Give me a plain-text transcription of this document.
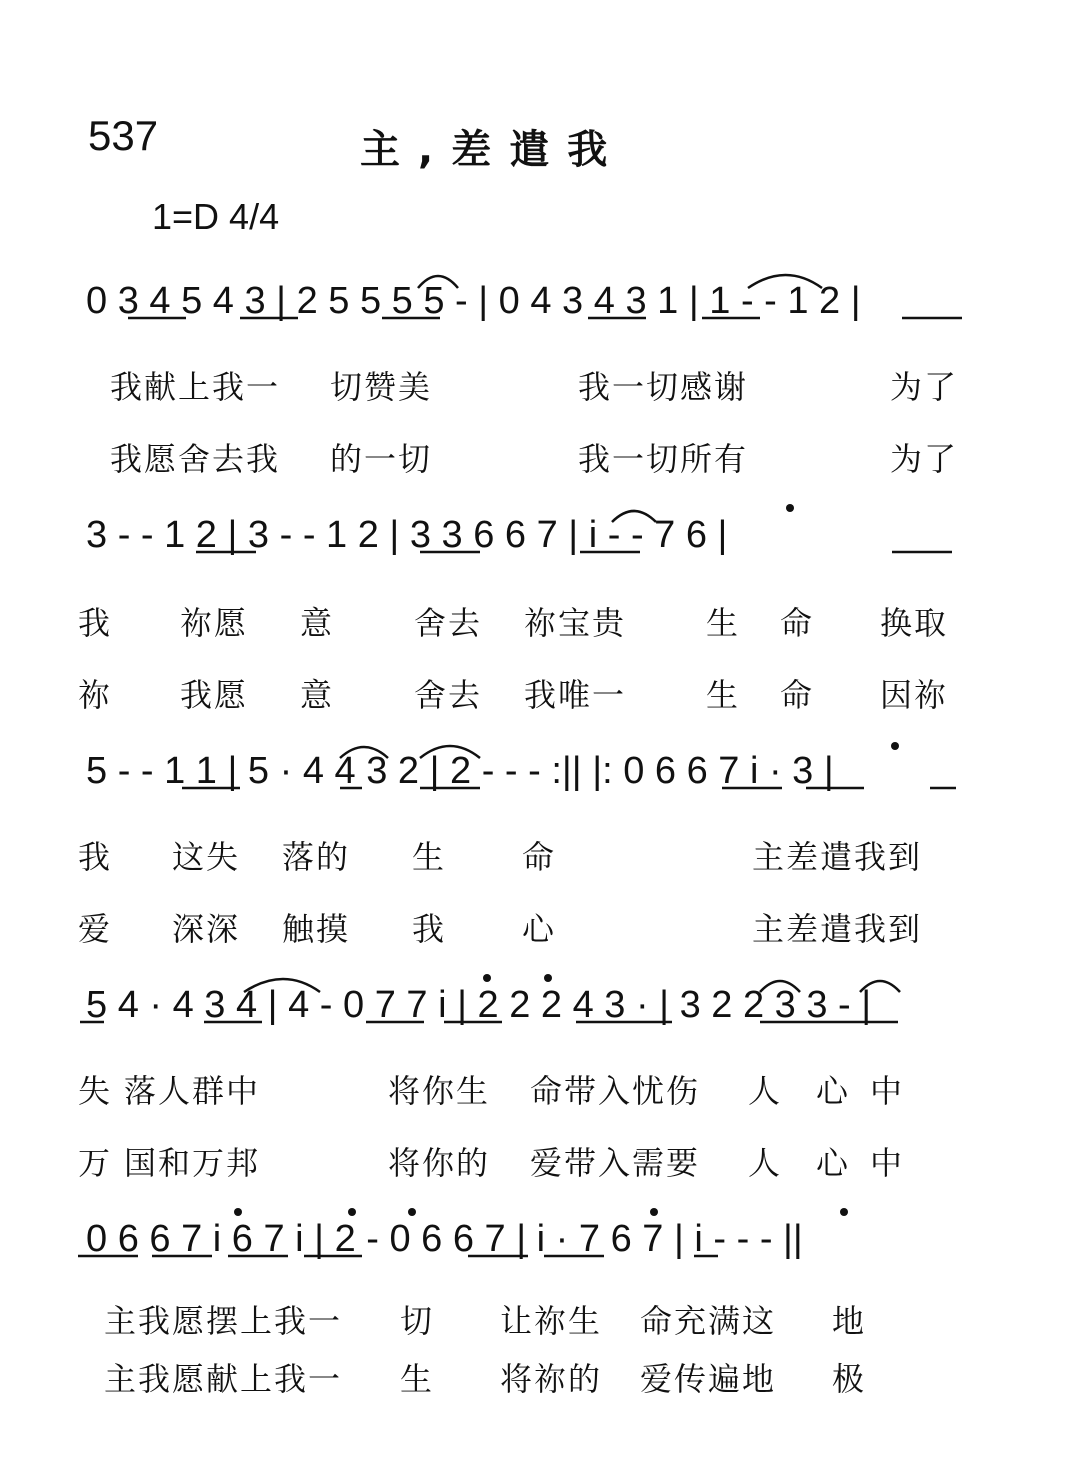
537	主,差遣我
1=D 4/4
0 3 4 5 4 3 | 2 5 5 5 5 - | 0 4 3 4 3 1 | 1 - - 1 2 |
我献上我一 切赞美	我一切感谢	为了
我愿舍去我 的一切	我一切所有	为了
3 - - 1 2 | 3 - - 1 2 | 3 3 6 6 7 | i - - 7 6 |
我 祢愿 意 舍去 祢宝贵 生 命 换取
祢 我愿 意 舍去 我唯一 生 命 因祢
5 - - 1 1 | 5 · 4 4 3 2 | 2 - - - :|| |: 0 6 6 7 i · 3 |
我 这失 落的 生 命	主差遣我到
爱 深深 触摸 我 心	主差遣我到
5 4 · 4 3 4 | 4 - 0 7 7 i | 2 2 2 4 3 · | 3 2 2 3 3 - |
失 落人群中	将你生 命带入忧伤 人 心 中
万 国和万邦	将你的 爱带入需要 人 心 中
0 6 6 7 i 6 7 i | 2 - 0 6 6 7 | i · 7 6 7 | i - - - ||
主我愿摆上我一 切 让祢生 命充满这 地
主我愿献上我一 生 将祢的 爱传遍地 极
